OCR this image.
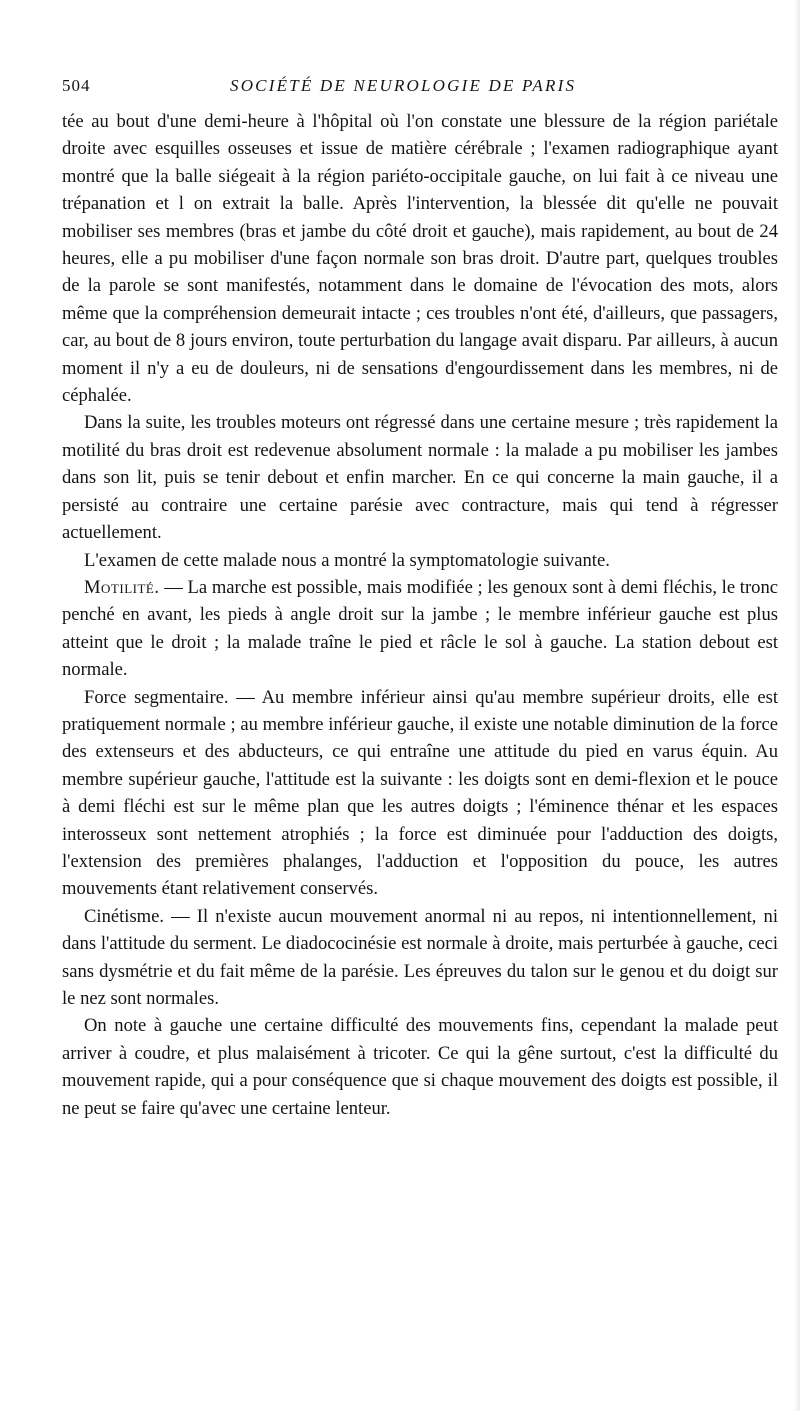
504	SOCIÉTÉ DE NEUROLOGIE DE PARIS

tée au bout d'une demi-heure à l'hôpital où l'on constate une blessure de la région pariétale droite avec esquilles osseuses et issue de matière cérébrale ; l'examen radiographique ayant montré que la balle siégeait à la région pariéto-occipitale gauche, on lui fait à ce niveau une trépanation et l on extrait la balle. Après l'intervention, la blessée dit qu'elle ne pouvait mobiliser ses membres (bras et jambe du côté droit et gauche), mais rapidement, au bout de 24 heures, elle a pu mobiliser d'une façon normale son bras droit. D'autre part, quelques troubles de la parole se sont manifestés, notamment dans le domaine de l'évocation des mots, alors même que la compréhension demeurait intacte ; ces troubles n'ont été, d'ailleurs, que passagers, car, au bout de 8 jours environ, toute perturbation du langage avait disparu. Par ailleurs, à aucun moment il n'y a eu de douleurs, ni de sensations d'engourdissement dans les membres, ni de céphalée.

Dans la suite, les troubles moteurs ont régressé dans une certaine mesure ; très rapidement la motilité du bras droit est redevenue absolument normale : la malade a pu mobiliser les jambes dans son lit, puis se tenir debout et enfin marcher. En ce qui concerne la main gauche, il a persisté au contraire une certaine parésie avec contracture, mais qui tend à régresser actuellement.

L'examen de cette malade nous a montré la symptomatologie suivante.

Motilité. — La marche est possible, mais modifiée ; les genoux sont à demi fléchis, le tronc penché en avant, les pieds à angle droit sur la jambe ; le membre inférieur gauche est plus atteint que le droit ; la malade traîne le pied et râcle le sol à gauche. La station debout est normale.

Force segmentaire. — Au membre inférieur ainsi qu'au membre supérieur droits, elle est pratiquement normale ; au membre inférieur gauche, il existe une notable diminution de la force des extenseurs et des abducteurs, ce qui entraîne une attitude du pied en varus équin. Au membre supérieur gauche, l'attitude est la suivante : les doigts sont en demi-flexion et le pouce à demi fléchi est sur le même plan que les autres doigts ; l'éminence thénar et les espaces interosseux sont nettement atrophiés ; la force est diminuée pour l'adduction des doigts, l'extension des premières phalanges, l'adduction et l'opposition du pouce, les autres mouvements étant relativement conservés.

Cinétisme. — Il n'existe aucun mouvement anormal ni au repos, ni intentionnellement, ni dans l'attitude du serment. Le diadococinésie est normale à droite, mais perturbée à gauche, ceci sans dysmétrie et du fait même de la parésie. Les épreuves du talon sur le genou et du doigt sur le nez sont normales.

On note à gauche une certaine difficulté des mouvements fins, cependant la malade peut arriver à coudre, et plus malaisément à tricoter. Ce qui la gêne surtout, c'est la difficulté du mouvement rapide, qui a pour conséquence que si chaque mouvement des doigts est possible, il ne peut se faire qu'avec une certaine lenteur.
